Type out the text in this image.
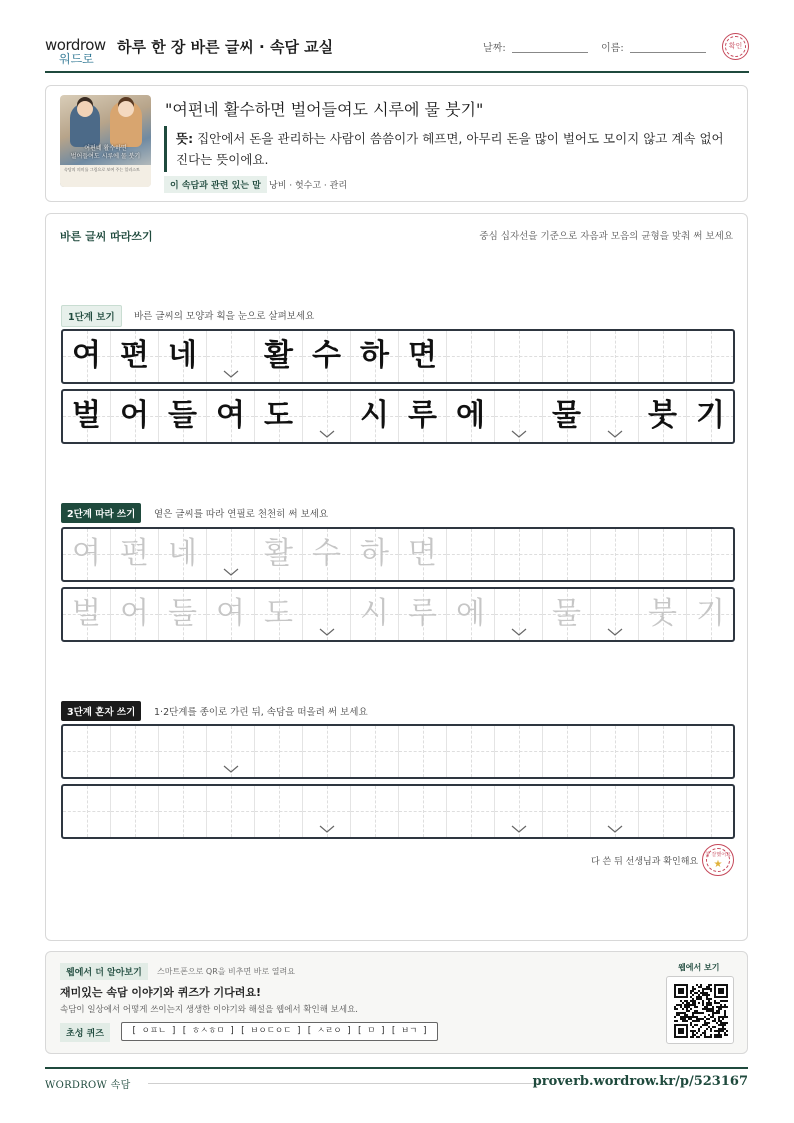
wordrow
워드로
하루 한 장 바른 글씨 · 속담 교실	날짜:	이름:	확인
여편네 활수하면
벌어들여도 시루에 물 붓기
속담의 의미를 그림으로 보여 주는 일러스트
"여편네 활수하면 벌어들여도 시루에 물 붓기"
뜻: 집안에서 돈을 관리하는 사람이 씀씀이가 헤프면, 아무리 돈을 많이 벌어도 모이지 않고 계속 없어진다는 뜻이에요.
이 속담과 관련 있는 말 낭비 · 헛수고 · 관리
바른 글씨 따라쓰기	중심 십자선을 기준으로 자음과 모음의 균형을 맞춰 써 보세요
1단계 보기	바른 글씨의 모양과 획을 눈으로 살펴보세요
여 편 네	활 수 하 면
벌 어 들 여 도	시 루 에	물	붓 기
2단계 따라 쓰기	옅은 글씨를 따라 연필로 천천히 써 보세요
여 편 네	활 수 하 면
벌 어 들 여 도	시 루 에	물	붓 기
3단계 혼자 쓰기	1·2단계를 종이로 가린 뒤, 속담을 떠올려 써 보세요
다 쓴 뒤 선생님과 확인해요
참 잘했어요
★
웹에서 더 알아보기	스마트폰으로 QR을 비추면 바로 열려요
재미있는 속담 이야기와 퀴즈가 기다려요!
속담이 일상에서 어떻게 쓰이는지 생생한 이야기와 해설을 웹에서 확인해 보세요.
초성 퀴즈	[ ㅇㅍㄴ ] [ ㅎㅅㅎㅁ ] [ ㅂㅇㄷㅇㄷ ] [ ㅅㄹㅇ ] [ ㅁ ] [ ㅂㄱ ]
웹에서 보기
WORDROW 속담	proverb.wordrow.kr/p/523167
